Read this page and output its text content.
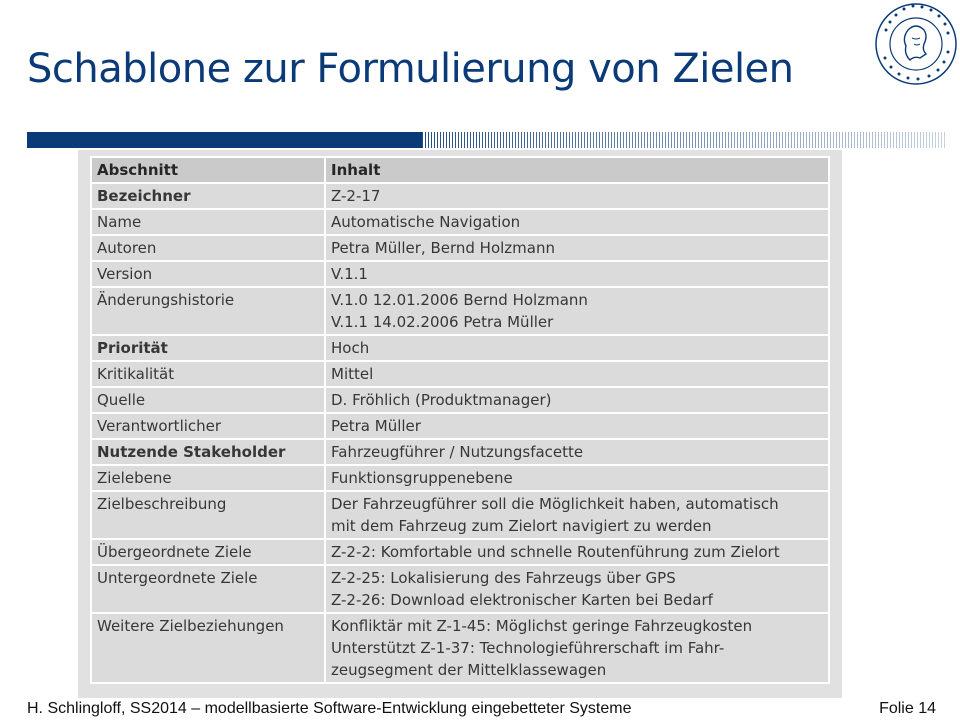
Schablone zur Formulierung von Zielen
Abschnitt	Inhalt
Bezeichner	Z-2-17

Name	Automatische Navigation

Autoren	Petra Müller, Bernd Holzmann

Version	V.1.1

Änderungshistorie	V.1.0 12.01.2006 Bernd Holzmann
V.1.1 14.02.2006 Petra Müller

Priorität	Hoch

Kritikalität	Mittel

Quelle	D. Fröhlich (Produktmanager)

Verantwortlicher	Petra Müller

Nutzende Stakeholder	Fahrzeugführer / Nutzungsfacette

Zielebene	Funktionsgruppenebene

Zielbeschreibung	Der Fahrzeugführer soll die Möglichkeit haben, automatisch
mit dem Fahrzeug zum Zielort navigiert zu werden

Übergeordnete Ziele	Z-2-2: Komfortable und schnelle Routenführung zum Zielort

Untergeordnete Ziele	Z-2-25: Lokalisierung des Fahrzeugs über GPS
Z-2-26: Download elektronischer Karten bei Bedarf

Weitere Zielbeziehungen	Konfliktär mit Z-1-45: Möglichst geringe Fahrzeugkosten
Unterstützt Z-1-37: Technologieführerschaft im Fahr-
zeugsegment der Mittelklassewagen
H. Schlingloff, SS2014 – modellbasierte Software-Entwicklung eingebetteter Systeme	Folie 14
